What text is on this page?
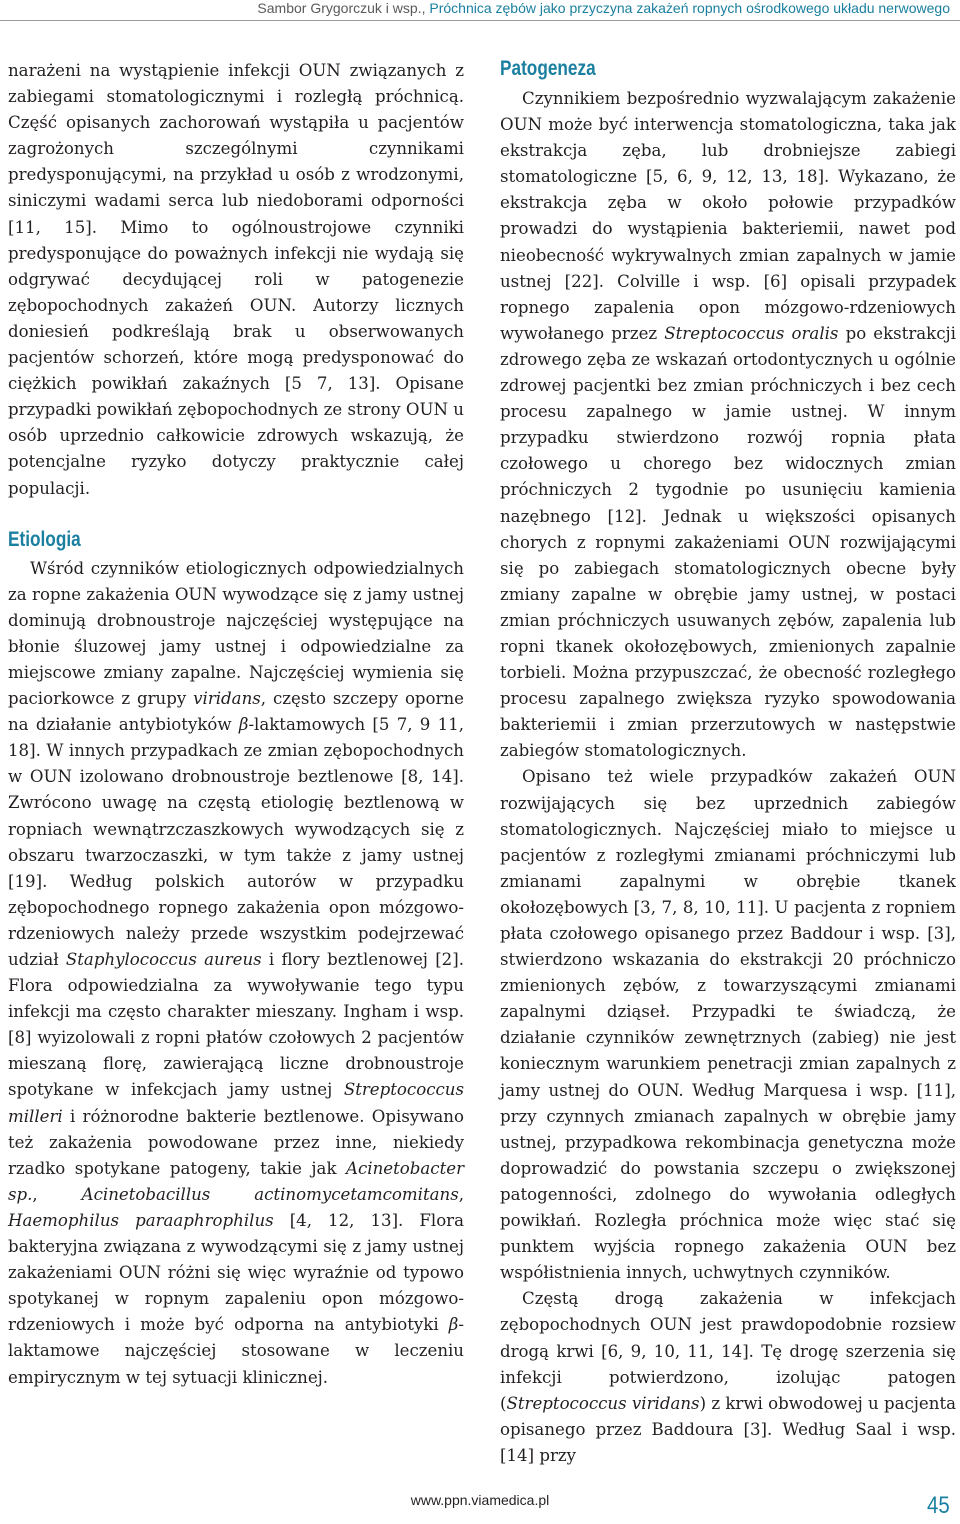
Sambor Grygorczuk i wsp., Próchnica zębów jako przyczyna zakażeń ropnych ośrodkowego układu nerwowego

narażeni na wystąpienie infekcji OUN związanych z zabiegami stomatologicznymi i rozległą próchnicą. Część opisanych zachorowań wystąpiła u pacjentów zagrożonych szczególnymi czynnikami predysponującymi, na przykład u osób z wrodzonymi, siniczymi wadami serca lub niedoborami odporności [11, 15]. Mimo to ogólnoustrojowe czynniki predysponujące do poważnych infekcji nie wydają się odgrywać decydującej roli w patogenezie zębopochodnych zakażeń OUN. Autorzy licznych doniesień podkreślają brak u obserwowanych pacjentów schorzeń, które mogą predysponować do ciężkich powikłań zakaźnych [5 7, 13]. Opisane przypadki powikłań zębopochodnych ze strony OUN u osób uprzednio całkowicie zdrowych wskazują, że potencjalne ryzyko dotyczy praktycznie całej populacji.

Etiologia

Wśród czynników etiologicznych odpowiedzialnych za ropne zakażenia OUN wywodzące się z jamy ustnej dominują drobnoustroje najczęściej występujące na błonie śluzowej jamy ustnej i odpowiedzialne za miejscowe zmiany zapalne. Najczęściej wymienia się paciorkowce z grupy viridans, często szczepy oporne na działanie antybiotyków β-laktamowych [5 7, 9 11, 18]. W innych przypadkach ze zmian zębopochodnych w OUN izolowano drobnoustroje beztlenowe [8, 14]. Zwrócono uwagę na częstą etiologię beztlenową w ropniach wewnątrzczaszkowych wywodzących się z obszaru twarzoczaszki, w tym także z jamy ustnej [19]. Według polskich autorów w przypadku zębopochodnego ropnego zakażenia opon mózgowo-rdzeniowych należy przede wszystkim podejrzewać udział Staphylococcus aureus i flory beztlenowej [2]. Flora odpowiedzialna za wywoływanie tego typu infekcji ma często charakter mieszany. Ingham i wsp. [8] wyizolowali z ropni płatów czołowych 2 pacjentów mieszaną florę, zawierającą liczne drobnoustroje spotykane w infekcjach jamy ustnej Streptococcus milleri i różnorodne bakterie beztlenowe. Opisywano też zakażenia powodowane przez inne, niekiedy rzadko spotykane patogeny, takie jak Acinetobacter sp., Acinetobacillus actinomycetamcomitans, Haemophilus paraaphrophilus [4, 12, 13]. Flora bakteryjna związana z wywodzącymi się z jamy ustnej zakażeniami OUN różni się więc wyraźnie od typowo spotykanej w ropnym zapaleniu opon mózgowo-rdzeniowych i może być odporna na antybiotyki β-laktamowe najczęściej stosowane w leczeniu empirycznym w tej sytuacji klinicznej.

Patogeneza

Czynnikiem bezpośrednio wyzwalającym zakażenie OUN może być interwencja stomatologiczna, taka jak ekstrakcja zęba, lub drobniejsze zabiegi stomatologiczne [5, 6, 9, 12, 13, 18]. Wykazano, że ekstrakcja zęba w około połowie przypadków prowadzi do wystąpienia bakteriemii, nawet pod nieobecność wykrywalnych zmian zapalnych w jamie ustnej [22]. Colville i wsp. [6] opisali przypadek ropnego zapalenia opon mózgowo-rdzeniowych wywołanego przez Streptococcus oralis po ekstrakcji zdrowego zęba ze wskazań ortodontycznych u ogólnie zdrowej pacjentki bez zmian próchniczych i bez cech procesu zapalnego w jamie ustnej. W innym przypadku stwierdzono rozwój ropnia płata czołowego u chorego bez widocznych zmian próchniczych 2 tygodnie po usunięciu kamienia nazębnego [12]. Jednak u większości opisanych chorych z ropnymi zakażeniami OUN rozwijającymi się po zabiegach stomatologicznych obecne były zmiany zapalne w obrębie jamy ustnej, w postaci zmian próchniczych usuwanych zębów, zapalenia lub ropni tkanek okołozębowych, zmienionych zapalnie torbieli. Można przypuszczać, że obecność rozległego procesu zapalnego zwiększa ryzyko spowodowania bakteriemii i zmian przerzutowych w następstwie zabiegów stomatologicznych.

Opisano też wiele przypadków zakażeń OUN rozwijających się bez uprzednich zabiegów stomatologicznych. Najczęściej miało to miejsce u pacjentów z rozległymi zmianami próchniczymi lub zmianami zapalnymi w obrębie tkanek okołozębowych [3, 7, 8, 10, 11]. U pacjenta z ropniem płata czołowego opisanego przez Baddour i wsp. [3], stwierdzono wskazania do ekstrakcji 20 próchniczo zmienionych zębów, z towarzyszącymi zmianami zapalnymi dziąseł. Przypadki te świadczą, że działanie czynników zewnętrznych (zabieg) nie jest koniecznym warunkiem penetracji zmian zapalnych z jamy ustnej do OUN. Według Marquesa i wsp. [11], przy czynnych zmianach zapalnych w obrębie jamy ustnej, przypadkowa rekombinacja genetyczna może doprowadzić do powstania szczepu o zwiększonej patogenności, zdolnego do wywołania odległych powikłań. Rozległa próchnica może więc stać się punktem wyjścia ropnego zakażenia OUN bez współistnienia innych, uchwytnych czynników.

Częstą drogą zakażenia w infekcjach zębopochodnych OUN jest prawdopodobnie rozsiew drogą krwi [6, 9, 10, 11, 14]. Tę drogę szerzenia się infekcji potwierdzono, izolując patogen (Streptococcus viridans) z krwi obwodowej u pacjenta opisanego przez Baddoura [3]. Według Saal i wsp. [14] przy

www.ppn.viamedica.pl	45
